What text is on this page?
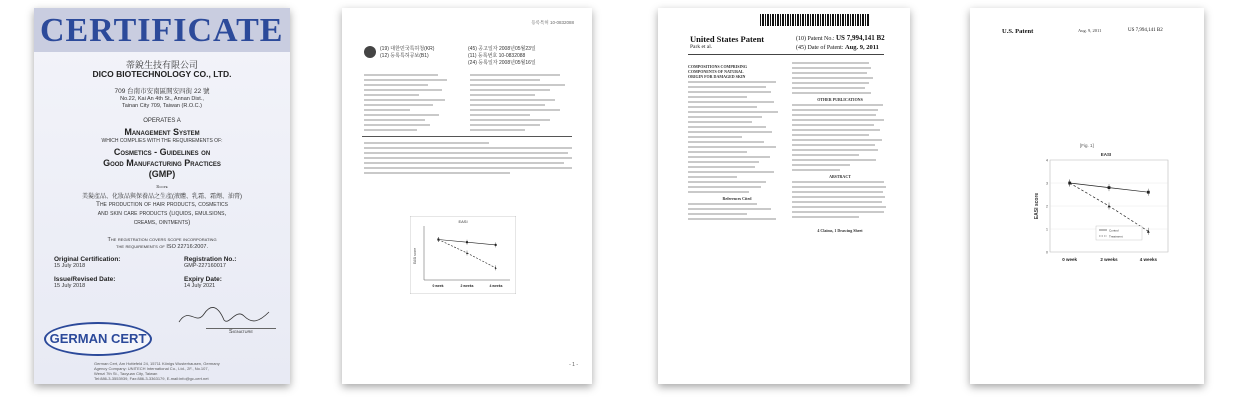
CERTIFICATE
蒂銳生技有限公司
DICO BIOTECHNOLOGY CO., LTD.
709 台南市安南區開安四街 22 號
No.22, Kai An 4th St., Annan Dist.,
Tainan City 709, Taiwan (R.O.C.)
OPERATES A
Management System
WHICH COMPLIES WITH THE REQUIREMENTS OF:
Cosmetics - Guidelines on
Good Manufacturing Practices
(GMP)
Scope
美髮產品、化妝品與保養品之生產(液體、乳霜、霜劑、油膏)
The production of hair products, cosmetics
and skin care products (liquids, emulsions,
creams, ointments)
The registration covers scope incorporating
the requirements of ISO 22716:2007.
Original Certification:
15 July 2018
Registration No.:
GMP-227160017
Issue/Revised Date:
15 July 2018
Expiry Date:
14 July 2021
Signature
GERMAN CERT
German Cert, Am Hottefeld 24, 15711 Königs Wusterhausen, Germany
Agency Company: UNITECH International Co., Ltd., 2F., No.107,
Wenzi 7th St., Taoyuan City, Taiwan
Tel:886-3-3553939, Fax:886-3-3363179, E-mail:info@gc-cert.net
등록특허 10-0832088
(19) 대한민국특허청(KR)
(12) 등록특허공보(B1)
(45) 공고일자 2008년05월23일
(11) 등록번호 10-0832088
(24) 등록일자 2008년05월16일
EASI
EASI score
0 week	2 weeks	4 weeks
- 1 -
United States Patent
Park et al.
(10) Patent No.: US 7,994,141 B2
(45) Date of Patent: Aug. 9, 2011
COMPOSITIONS COMPRISING COMPONENTS OF NATURAL ORIGIN FOR DAMAGED SKIN
References Cited
OTHER PUBLICATIONS
ABSTRACT
4 Claims, 1 Drawing Sheet
U.S. Patent	Aug. 9, 2011	US 7,994,141 B2
[Fig. 1]
EASI
EASI score
0
1
2
3
4
0 week	2 weeks	4 weeks
Control
Treatment
